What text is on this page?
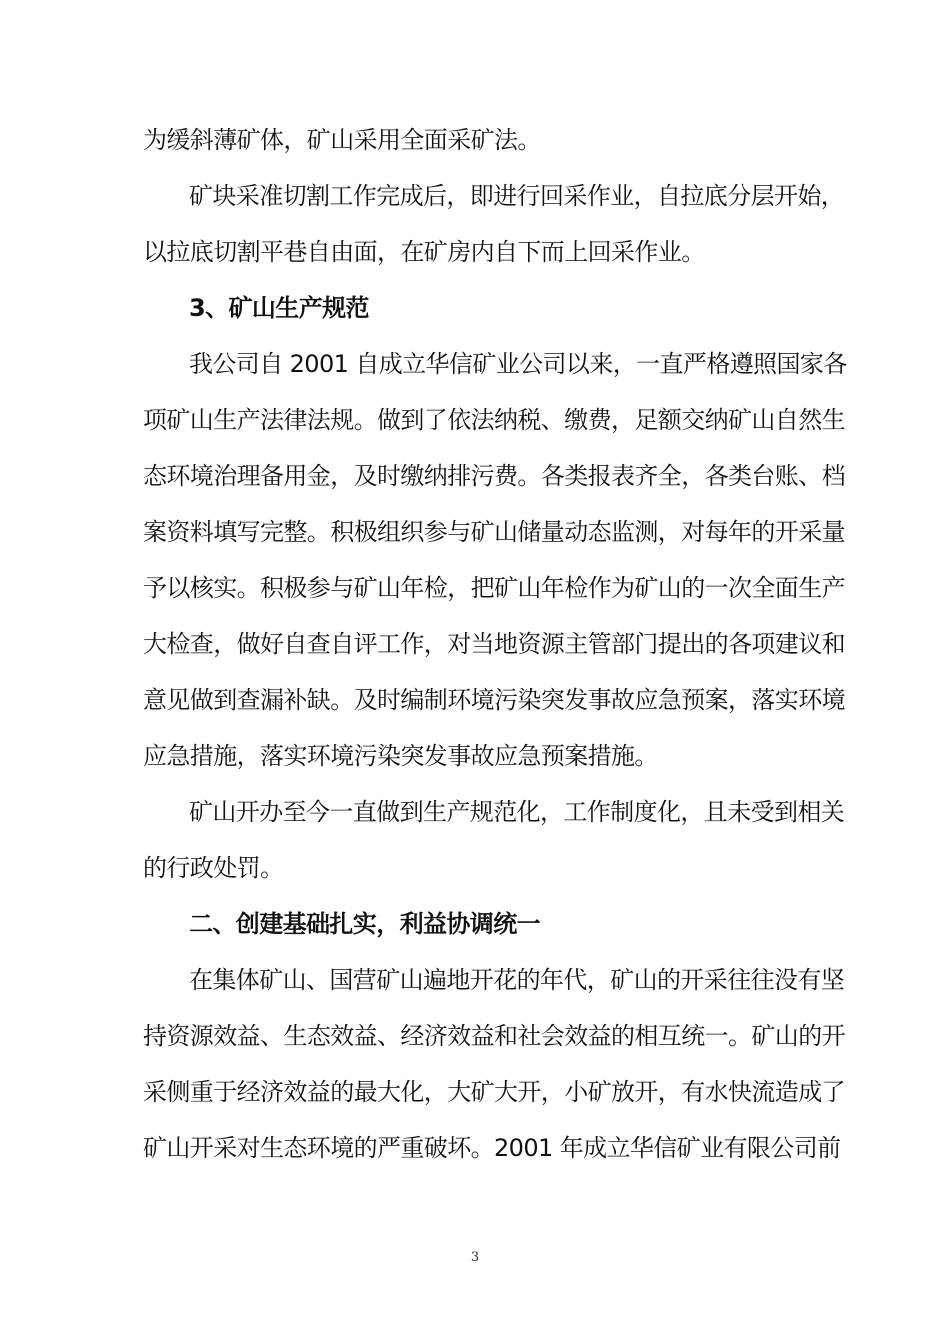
为缓斜薄矿体，矿山采用全面采矿法。
矿块采准切割工作完成后，即进行回采作业，自拉底分层开始，
以拉底切割平巷自由面，在矿房内自下而上回采作业。
3、矿山生产规范
我公司自 2001 自成立华信矿业公司以来，一直严格遵照国家各
项矿山生产法律法规。做到了依法纳税、缴费，足额交纳矿山自然生
态环境治理备用金，及时缴纳排污费。各类报表齐全，各类台账、档
案资料填写完整。积极组织参与矿山储量动态监测，对每年的开采量
予以核实。积极参与矿山年检，把矿山年检作为矿山的一次全面生产
大检查，做好自查自评工作，对当地资源主管部门提出的各项建议和
意见做到查漏补缺。及时编制环境污染突发事故应急预案，落实环境
应急措施，落实环境污染突发事故应急预案措施。
矿山开办至今一直做到生产规范化，工作制度化，且未受到相关
的行政处罚。
二、创建基础扎实，利益协调统一
在集体矿山、国营矿山遍地开花的年代，矿山的开采往往没有坚
持资源效益、生态效益、经济效益和社会效益的相互统一。矿山的开
采侧重于经济效益的最大化，大矿大开，小矿放开，有水快流造成了
矿山开采对生态环境的严重破坏。2001 年成立华信矿业有限公司前
3
